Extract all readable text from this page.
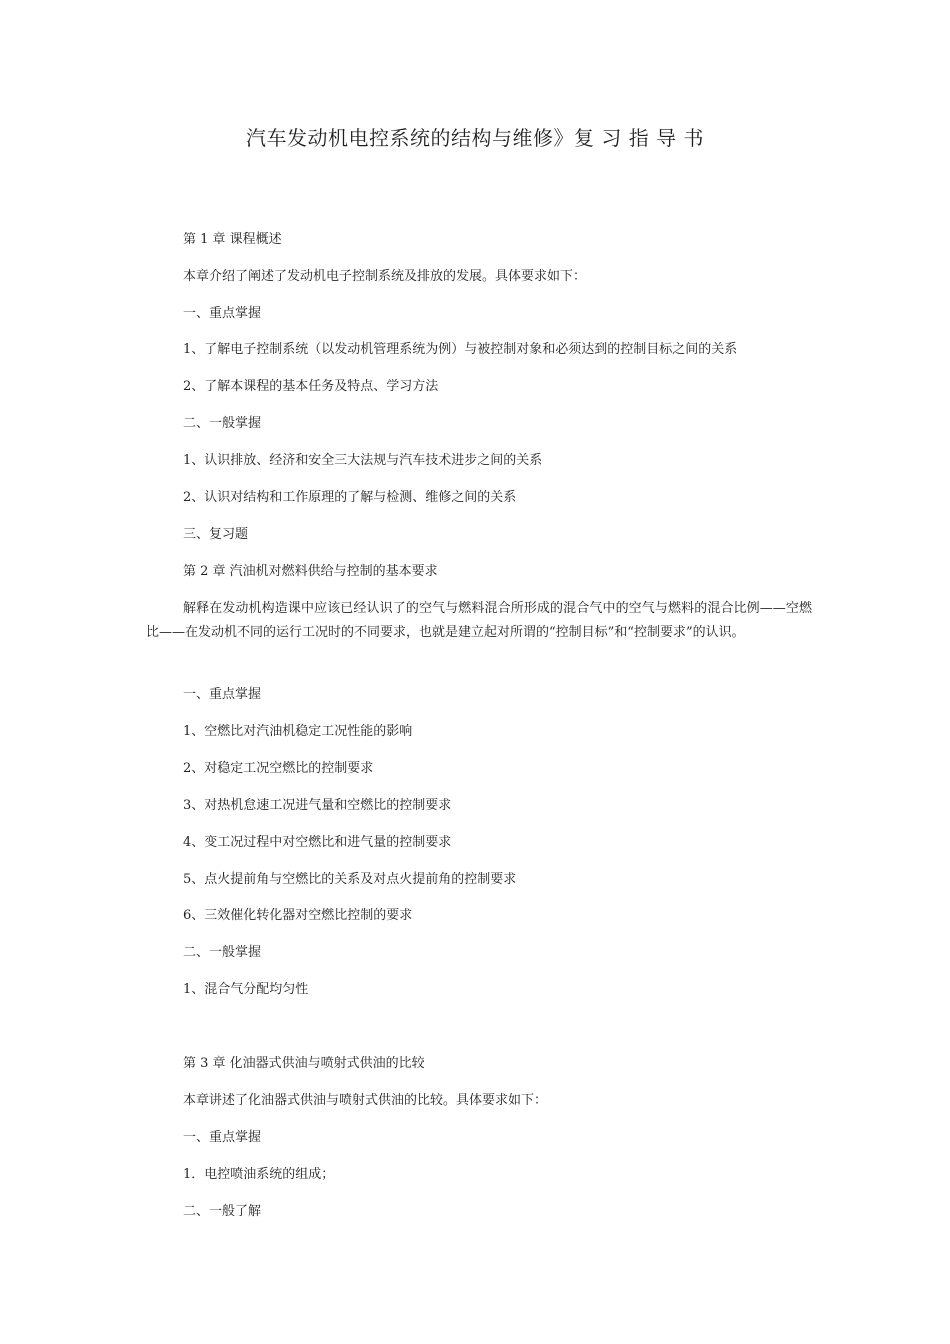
汽车发动机电控系统的结构与维修》复 习 指 导 书
第 1 章 课程概述
本章介绍了阐述了发动机电子控制系统及排放的发展。具体要求如下：
一、重点掌握
1、了解电子控制系统（以发动机管理系统为例）与被控制对象和必须达到的控制目标之间的关系
2、了解本课程的基本任务及特点、学习方法
二、一般掌握
1、认识排放、经济和安全三大法规与汽车技术进步之间的关系
2、认识对结构和工作原理的了解与检测、维修之间的关系
三、复习题
第 2 章 汽油机对燃料供给与控制的基本要求
解释在发动机构造课中应该已经认识了的空气与燃料混合所形成的混合气中的空气与燃料的混合比例——空燃比——在发动机不同的运行工况时的不同要求，也就是建立起对所谓的“控制目标”和“控制要求”的认识。
一、重点掌握
1、空燃比对汽油机稳定工况性能的影响
2、对稳定工况空燃比的控制要求
3、对热机怠速工况进气量和空燃比的控制要求
4、变工况过程中对空燃比和进气量的控制要求
5、点火提前角与空燃比的关系及对点火提前角的控制要求
6、三效催化转化器对空燃比控制的要求
二、一般掌握
1、混合气分配均匀性
第 3 章 化油器式供油与喷射式供油的比较
本章讲述了化油器式供油与喷射式供油的比较。具体要求如下：
一、重点掌握
1．电控喷油系统的组成；
二、一般了解
